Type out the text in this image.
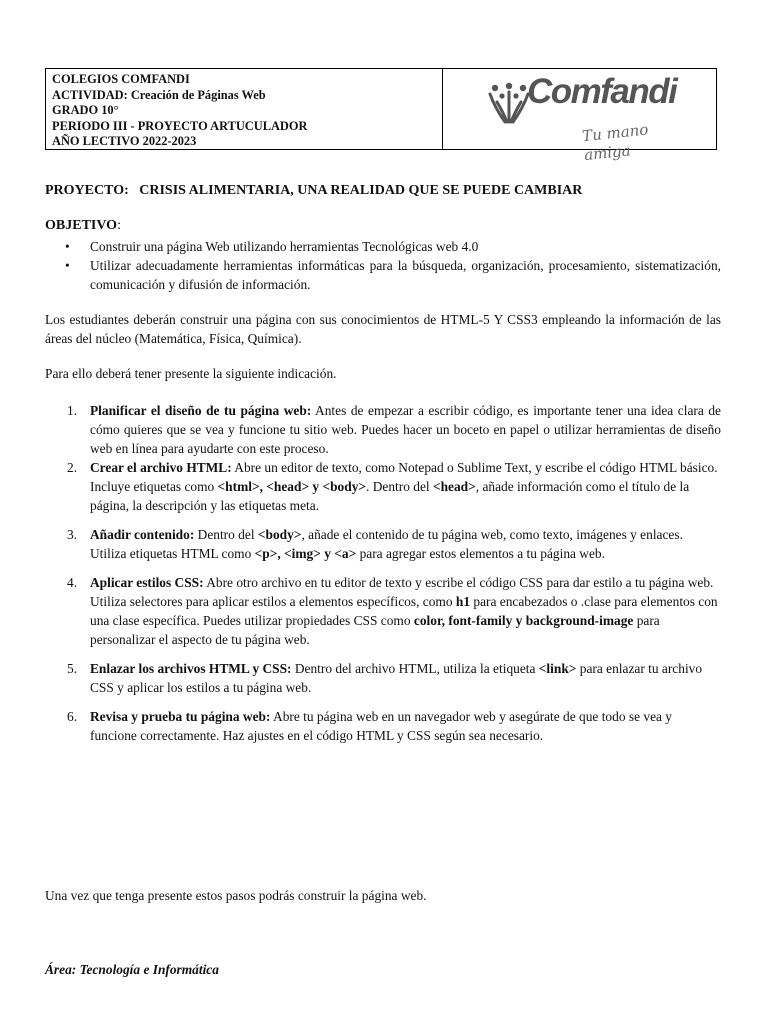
COLEGIOS COMFANDI
ACTIVIDAD: Creación de Páginas Web
GRADO 10°
PERIODO III - PROYECTO ARTUCULADOR
AÑO LECTIVO 2022-2023
Comfandi
Tu mano amiga
PROYECTO: CRISIS ALIMENTARIA, UNA REALIDAD QUE SE PUEDE CAMBIAR
OBJETIVO:
• Construir una página Web utilizando herramientas Tecnológicas web 4.0
• Utilizar adecuadamente herramientas informáticas para la búsqueda, organización, procesamiento, sistematización, comunicación y difusión de información.

Los estudiantes deberán construir una página con sus conocimientos de HTML-5 Y CSS3 empleando la información de las áreas del núcleo (Matemática, Física, Química).

Para ello deberá tener presente la siguiente indicación.

1. Planificar el diseño de tu página web: Antes de empezar a escribir código, es importante tener una idea clara de cómo quieres que se vea y funcione tu sitio web. Puedes hacer un boceto en papel o utilizar herramientas de diseño web en línea para ayudarte con este proceso.
2. Crear el archivo HTML: Abre un editor de texto, como Notepad o Sublime Text, y escribe el código HTML básico. Incluye etiquetas como <html>, <head> y <body>. Dentro del <head>, añade información como el título de la página, la descripción y las etiquetas meta.
3. Añadir contenido: Dentro del <body>, añade el contenido de tu página web, como texto, imágenes y enlaces. Utiliza etiquetas HTML como <p>, <img> y <a> para agregar estos elementos a tu página web.
4. Aplicar estilos CSS: Abre otro archivo en tu editor de texto y escribe el código CSS para dar estilo a tu página web. Utiliza selectores para aplicar estilos a elementos específicos, como h1 para encabezados o .clase para elementos con una clase específica. Puedes utilizar propiedades CSS como color, font-family y background-image para personalizar el aspecto de tu página web.
5. Enlazar los archivos HTML y CSS: Dentro del archivo HTML, utiliza la etiqueta <link> para enlazar tu archivo CSS y aplicar los estilos a tu página web.
6. Revisa y prueba tu página web: Abre tu página web en un navegador web y asegúrate de que todo se vea y funcione correctamente. Haz ajustes en el código HTML y CSS según sea necesario.

Una vez que tenga presente estos pasos podrás construir la página web.

Área: Tecnología e Informática
